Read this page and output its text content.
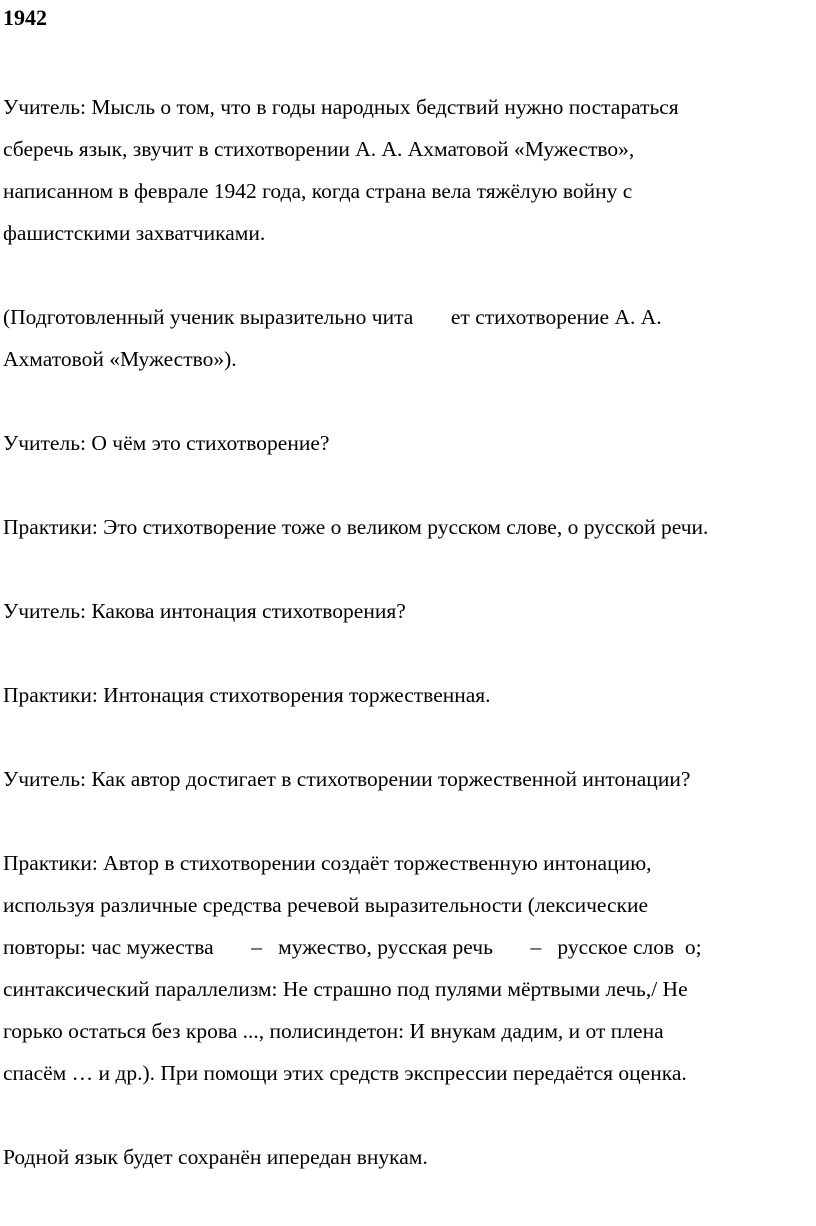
1942

Учитель: Мысль о том, что в годы народных бедствий нужно постараться
сберечь язык, звучит в стихотворении А. А. Ахматовой «Мужество»,
написанном в феврале 1942 года, когда страна вела тяжёлую войну с
фашистскими захватчиками.

(Подготовленный ученик выразительно чита       ет стихотворение А. А.
Ахматовой «Мужество»).

Учитель: О чём это стихотворение?

Практики: Это стихотворение тоже о великом русском слове, о русской речи.

Учитель: Какова интонация стихотворения?

Практики: Интонация стихотворения торжественная.

Учитель: Как автор достигает в стихотворении торжественной интонации?

Практики: Автор в стихотворении создаёт торжественную интонацию,
используя различные средства речевой выразительности (лексические
повторы: час мужества       –   мужество, русская речь       –   русское слов  о;
синтаксический параллелизм: Не страшно под пулями мёртвыми лечь,/ Не
горько остаться без крова ..., полисиндетон: И внукам дадим, и от плена
спасём … и др.). При помощи этих средств экспрессии передаётся оценка.

Родной язык будет сохранён ипередан внукам.
